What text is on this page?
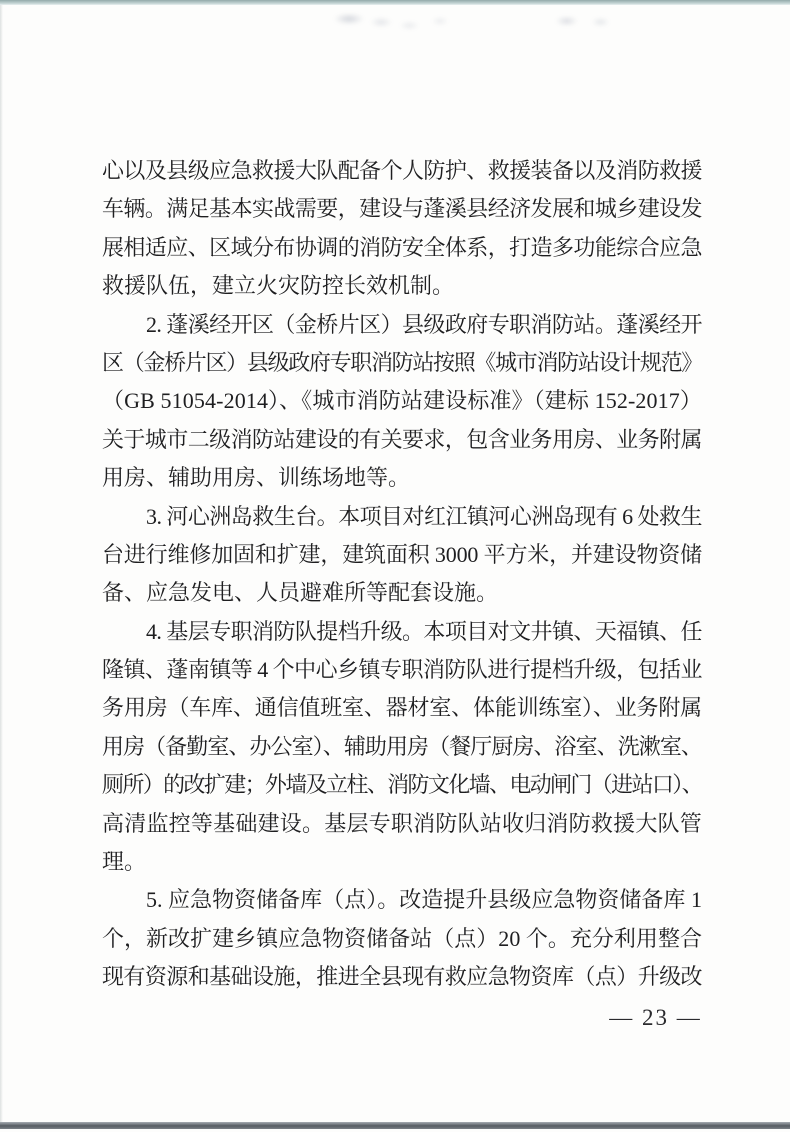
心以及县级应急救援大队配备个人防护、救援装备以及消防救援
车辆。满足基本实战需要，建设与蓬溪县经济发展和城乡建设发
展相适应、区域分布协调的消防安全体系，打造多功能综合应急
救援队伍，建立火灾防控长效机制。
2. 蓬溪经开区（金桥片区）县级政府专职消防站。蓬溪经开
区（金桥片区）县级政府专职消防站按照《城市消防站设计规范》
（GB 51054-2014）、《城市消防站建设标准》（建标 152-2017）
关于城市二级消防站建设的有关要求，包含业务用房、业务附属
用房、辅助用房、训练场地等。
3. 河心洲岛救生台。本项目对红江镇河心洲岛现有 6 处救生
台进行维修加固和扩建，建筑面积 3000 平方米，并建设物资储
备、应急发电、人员避难所等配套设施。
4. 基层专职消防队提档升级。本项目对文井镇、天福镇、任
隆镇、蓬南镇等 4 个中心乡镇专职消防队进行提档升级，包括业
务用房（车库、通信值班室、器材室、体能训练室）、业务附属
用房（备勤室、办公室）、辅助用房（餐厅厨房、浴室、洗漱室、
厕所）的改扩建；外墙及立柱、消防文化墙、电动闸门（进站口）、
高清监控等基础建设。基层专职消防队站收归消防救援大队管
理。
5. 应急物资储备库（点）。改造提升县级应急物资储备库 1
个，新改扩建乡镇应急物资储备站（点）20 个。充分利用整合
现有资源和基础设施，推进全县现有救应急物资库（点）升级改
— 23 —
